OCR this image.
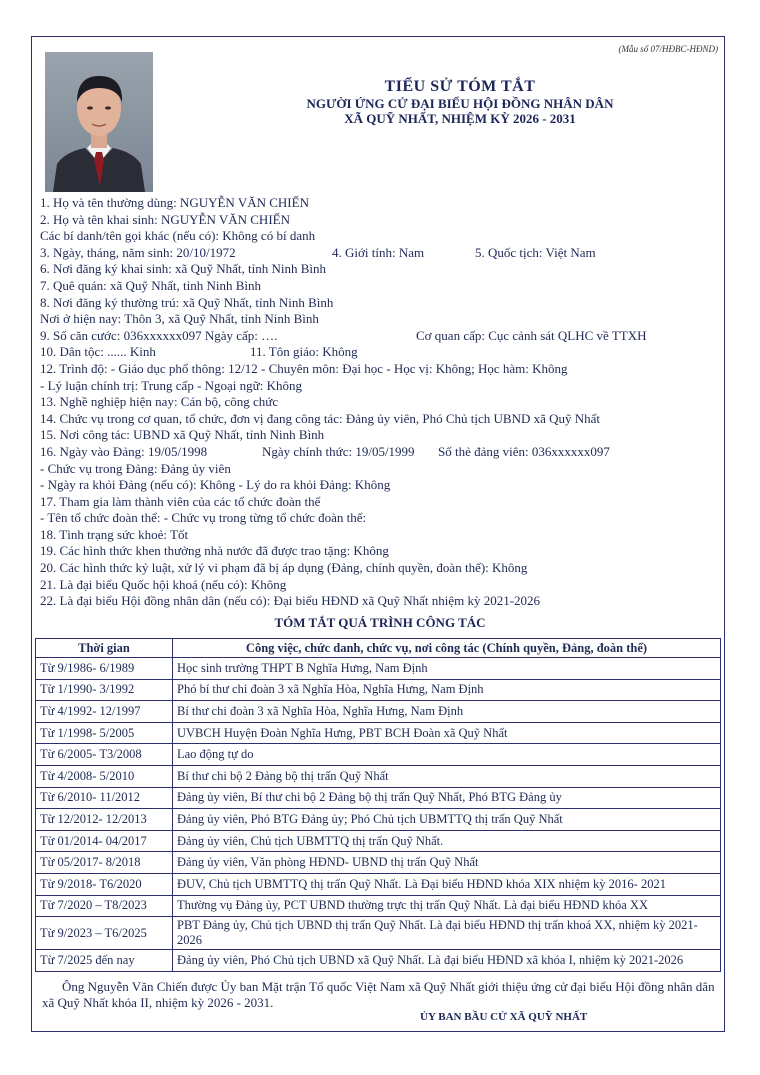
(Mẫu số 07/HĐBC-HĐND)
TIỂU SỬ TÓM TẮT
NGƯỜI ỨNG CỬ ĐẠI BIỂU HỘI ĐỒNG NHÂN DÂN
XÃ QUỸ NHẤT, NHIỆM KỲ 2026 - 2031
1. Họ và tên thường dùng: NGUYỄN VĂN CHIẾN
2. Họ và tên khai sinh: NGUYỄN VĂN CHIẾN
Các bí danh/tên gọi khác (nếu có): Không có bí danh
3. Ngày, tháng, năm sinh: 20/10/1972	4. Giới tính: Nam	5. Quốc tịch: Việt Nam
6. Nơi đăng ký khai sinh: xã Quỹ Nhất, tỉnh Ninh Bình
7. Quê quán: xã Quỹ Nhất, tỉnh Ninh Bình
8. Nơi đăng ký thường trú: xã Quỹ Nhất, tỉnh Ninh Bình
Nơi ở hiện nay: Thôn 3, xã Quỹ Nhất, tỉnh Ninh Bình
9. Số căn cước: 036xxxxxx097 Ngày cấp: ….	Cơ quan cấp: Cục cảnh sát QLHC về TTXH
10. Dân tộc: ...... Kinh	11. Tôn giáo: Không
12. Trình độ: - Giáo dục phổ thông: 12/12 - Chuyên môn: Đại học - Học vị: Không; Học hàm: Không
- Lý luận chính trị: Trung cấp - Ngoại ngữ: Không
13. Nghề nghiệp hiện nay: Cán bộ, công chức
14. Chức vụ trong cơ quan, tổ chức, đơn vị đang công tác: Đảng ủy viên, Phó Chủ tịch UBND xã Quỹ Nhất
15. Nơi công tác: UBND xã Quỹ Nhất, tỉnh Ninh Bình
16. Ngày vào Đảng: 19/05/1998	Ngày chính thức: 19/05/1999 Số thẻ đảng viên: 036xxxxxx097
- Chức vụ trong Đảng: Đảng ủy viên
- Ngày ra khỏi Đảng (nếu có): Không - Lý do ra khỏi Đảng: Không
17. Tham gia làm thành viên của các tổ chức đoàn thể
- Tên tổ chức đoàn thể: - Chức vụ trong từng tổ chức đoàn thể:
18. Tình trạng sức khoẻ: Tốt
19. Các hình thức khen thưởng nhà nước đã được trao tặng: Không
20. Các hình thức kỷ luật, xử lý vi phạm đã bị áp dụng (Đảng, chính quyền, đoàn thể): Không
21. Là đại biểu Quốc hội khoá (nếu có): Không
22. Là đại biểu Hội đồng nhân dân (nếu có): Đại biểu HĐND xã Quỹ Nhất nhiệm kỳ 2021-2026
TÓM TẮT QUÁ TRÌNH CÔNG TÁC
Thời gian	Công việc, chức danh, chức vụ, nơi công tác (Chính quyền, Đảng, đoàn thể)
Từ 9/1986- 6/1989	Học sinh trường THPT B Nghĩa Hưng, Nam Định
Từ 1/1990- 3/1992	Phó bí thư chi đoàn 3 xã Nghĩa Hòa, Nghĩa Hưng, Nam Định
Từ 4/1992- 12/1997	Bí thư chi đoàn 3 xã Nghĩa Hòa, Nghĩa Hưng, Nam Định
Từ 1/1998- 5/2005	UVBCH Huyện Đoàn Nghĩa Hưng, PBT BCH Đoàn xã Quỹ Nhất
Từ 6/2005- T3/2008	Lao động tự do
Từ 4/2008- 5/2010	Bí thư chi bộ 2 Đảng bộ thị trấn Quỹ Nhất
Từ 6/2010- 11/2012	Đảng ủy viên, Bí thư chi bộ 2 Đảng bộ thị trấn Quỹ Nhất, Phó BTG Đảng ủy
Từ 12/2012- 12/2013	Đảng ủy viên, Phó BTG Đảng ủy; Phó Chủ tịch UBMTTQ thị trấn Quỹ Nhất
Từ 01/2014- 04/2017	Đảng ủy viên, Chủ tịch UBMTTQ thị trấn Quỹ Nhất.
Từ 05/2017- 8/2018	Đảng ủy viên, Văn phòng HĐND- UBND thị trấn Quỹ Nhất
Từ 9/2018- T6/2020	ĐUV, Chủ tịch UBMTTQ thị trấn Quỹ Nhất. Là Đại biểu HĐND khóa XIX nhiệm kỳ 2016- 2021
Từ 7/2020 – T8/2023	Thường vụ Đảng ủy, PCT UBND thường trực thị trấn Quỹ Nhất. Là đại biểu HĐND khóa XX
Từ 9/2023 – T6/2025	PBT Đảng ủy, Chủ tịch UBND thị trấn Quỹ Nhất. Là đại biểu HĐND thị trấn khoá XX, nhiệm kỳ 2021-2026
Từ 7/2025 đến nay	Đảng ủy viên, Phó Chủ tịch UBND xã Quỹ Nhất. Là đại biểu HĐND xã khóa I, nhiệm kỳ 2021-2026
Ông Nguyễn Văn Chiến được Ủy ban Mặt trận Tổ quốc Việt Nam xã Quỹ Nhất giới thiệu ứng cử đại biểu Hội đồng nhân dân xã Quỹ Nhất khóa II, nhiệm kỳ 2026 - 2031.
ỦY BAN BẦU CỬ XÃ QUỸ NHẤT
